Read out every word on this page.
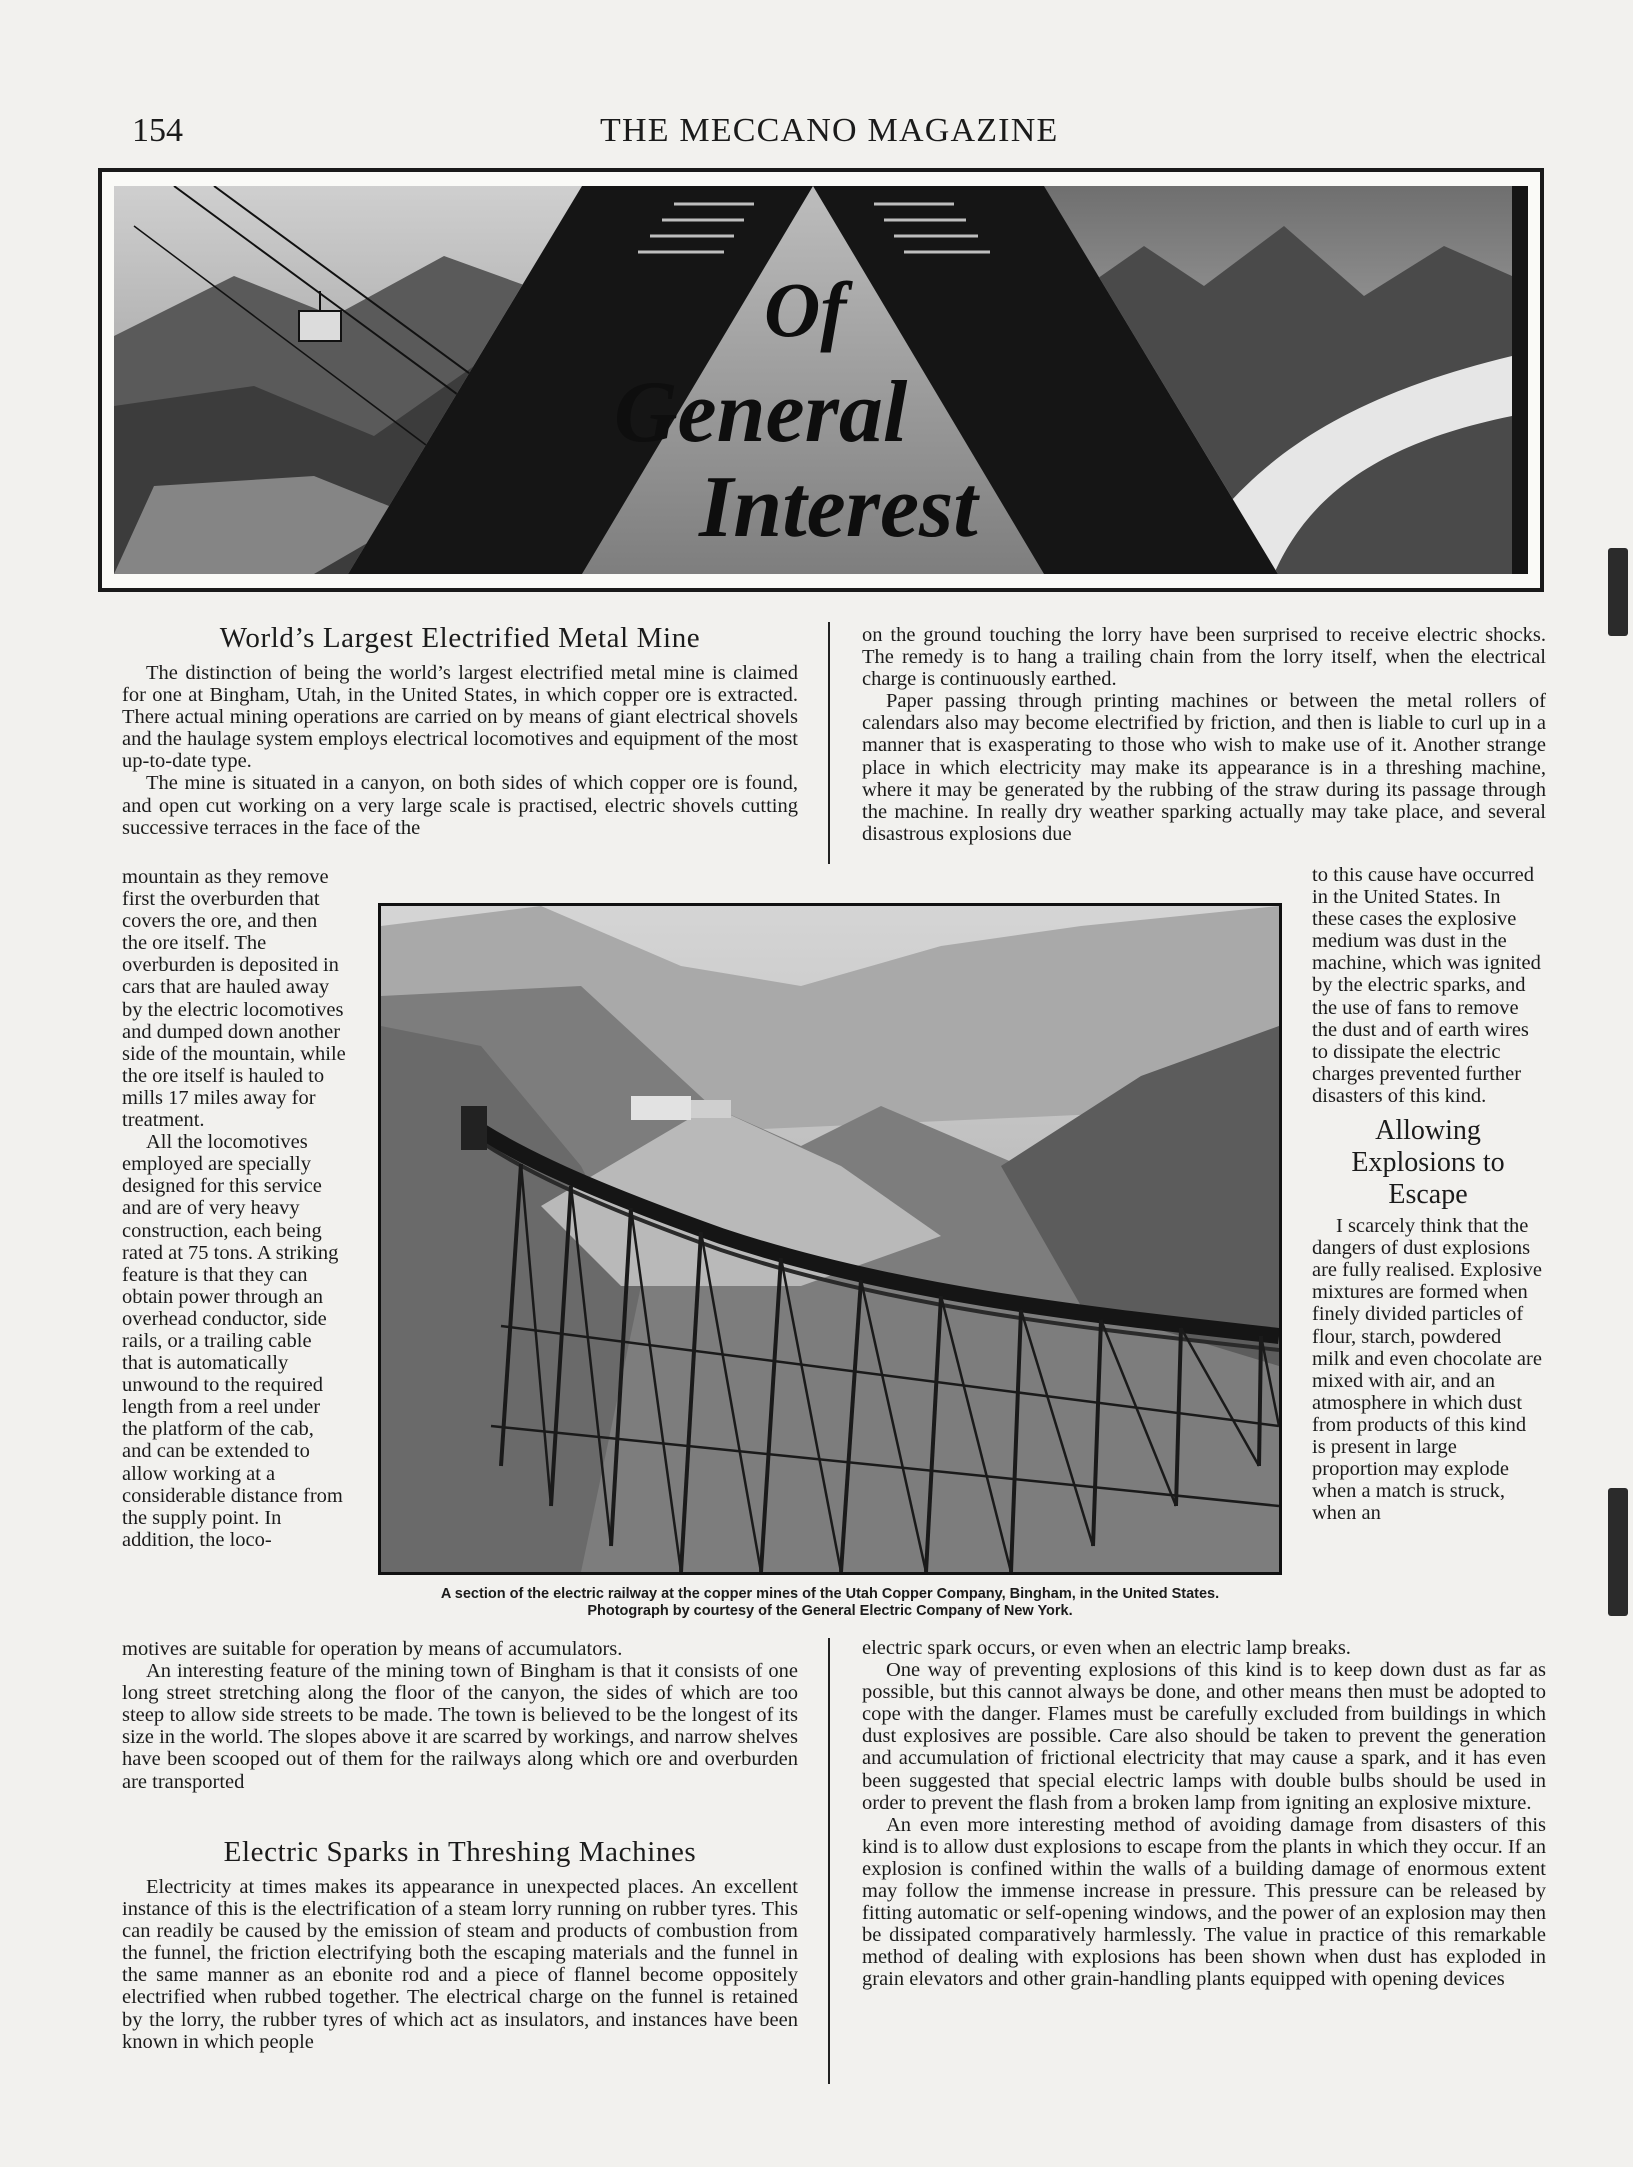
154	THE MECCANO MAGAZINE
Of
General
Interest
World’s Largest Electrified Metal Mine

The distinction of being the world’s largest electrified metal mine is claimed for one at Bingham, Utah, in the United States, in which copper ore is extracted. There actual mining operations are carried on by means of giant electrical shovels and the haulage system employs electrical locomotives and equipment of the most up-to-date type.

The mine is situated in a canyon, on both sides of which copper ore is found, and open cut working on a very large scale is practised, electric shovels cutting successive terraces in the face of the

mountain as they remove first the overburden that covers the ore, and then the ore itself. The overburden is deposited in cars that are hauled away by the electric locomotives and dumped down another side of the mountain, while the ore itself is hauled to mills 17 miles away for treatment.

All the locomotives employed are specially designed for this service and are of very heavy construction, each being rated at 75 tons. A striking feature is that they can obtain power through an overhead conductor, side rails, or a trailing cable that is automatically unwound to the required length from a reel under the platform of the cab, and can be extended to allow working at a considerable distance from the supply point. In addition, the loco-

motives are suitable for operation by means of accumulators.

An interesting feature of the mining town of Bingham is that it consists of one long street stretching along the floor of the canyon, the sides of which are too steep to allow side streets to be made. The town is believed to be the longest of its size in the world. The slopes above it are scarred by workings, and narrow shelves have been scooped out of them for the railways along which ore and overburden are transported

Electric Sparks in Threshing Machines

Electricity at times makes its appearance in unexpected places. An excellent instance of this is the electrification of a steam lorry running on rubber tyres. This can readily be caused by the emission of steam and products of combustion from the funnel, the friction electrifying both the escaping materials and the funnel in the same manner as an ebonite rod and a piece of flannel become oppositely electrified when rubbed together. The electrical charge on the funnel is retained by the lorry, the rubber tyres of which act as insulators, and instances have been known in which people

on the ground touching the lorry have been surprised to receive electric shocks. The remedy is to hang a trailing chain from the lorry itself, when the electrical charge is continuously earthed.

Paper passing through printing machines or between the metal rollers of calendars also may become electrified by friction, and then is liable to curl up in a manner that is exasperating to those who wish to make use of it. Another strange place in which electricity may make its appearance is in a threshing machine, where it may be generated by the rubbing of the straw during its passage through the machine. In really dry weather sparking actually may take place, and several disastrous explosions due

to this cause have occurred in the United States. In these cases the explosive medium was dust in the machine, which was ignited by the electric sparks, and the use of fans to remove the dust and of earth wires to dissipate the electric charges prevented further disasters of this kind.

Allowing
Explosions to
Escape

I scarcely think that the dangers of dust explosions are fully realised. Explosive mixtures are formed when finely divided particles of flour, starch, powdered milk and even chocolate are mixed with air, and an atmosphere in which dust from products of this kind is present in large proportion may explode when a match is struck, when an

electric spark occurs, or even when an electric lamp breaks.

One way of preventing explosions of this kind is to keep down dust as far as possible, but this cannot always be done, and other means then must be adopted to cope with the danger. Flames must be carefully excluded from buildings in which dust explosives are possible. Care also should be taken to prevent the generation and accumulation of frictional electricity that may cause a spark, and it has even been suggested that special electric lamps with double bulbs should be used in order to prevent the flash from a broken lamp from igniting an explosive mixture.

An even more interesting method of avoiding damage from disasters of this kind is to allow dust explosions to escape from the plants in which they occur. If an explosion is confined within the walls of a building damage of enormous extent may follow the immense increase in pressure. This pressure can be released by fitting automatic or self-opening windows, and the power of an explosion may then be dissipated comparatively harmlessly. The value in practice of this remarkable method of dealing with explosions has been shown when dust has exploded in grain elevators and other grain-handling plants equipped with opening devices

A section of the electric railway at the copper mines of the Utah Copper Company, Bingham, in the United States.
Photograph by courtesy of the General Electric Company of New York.
